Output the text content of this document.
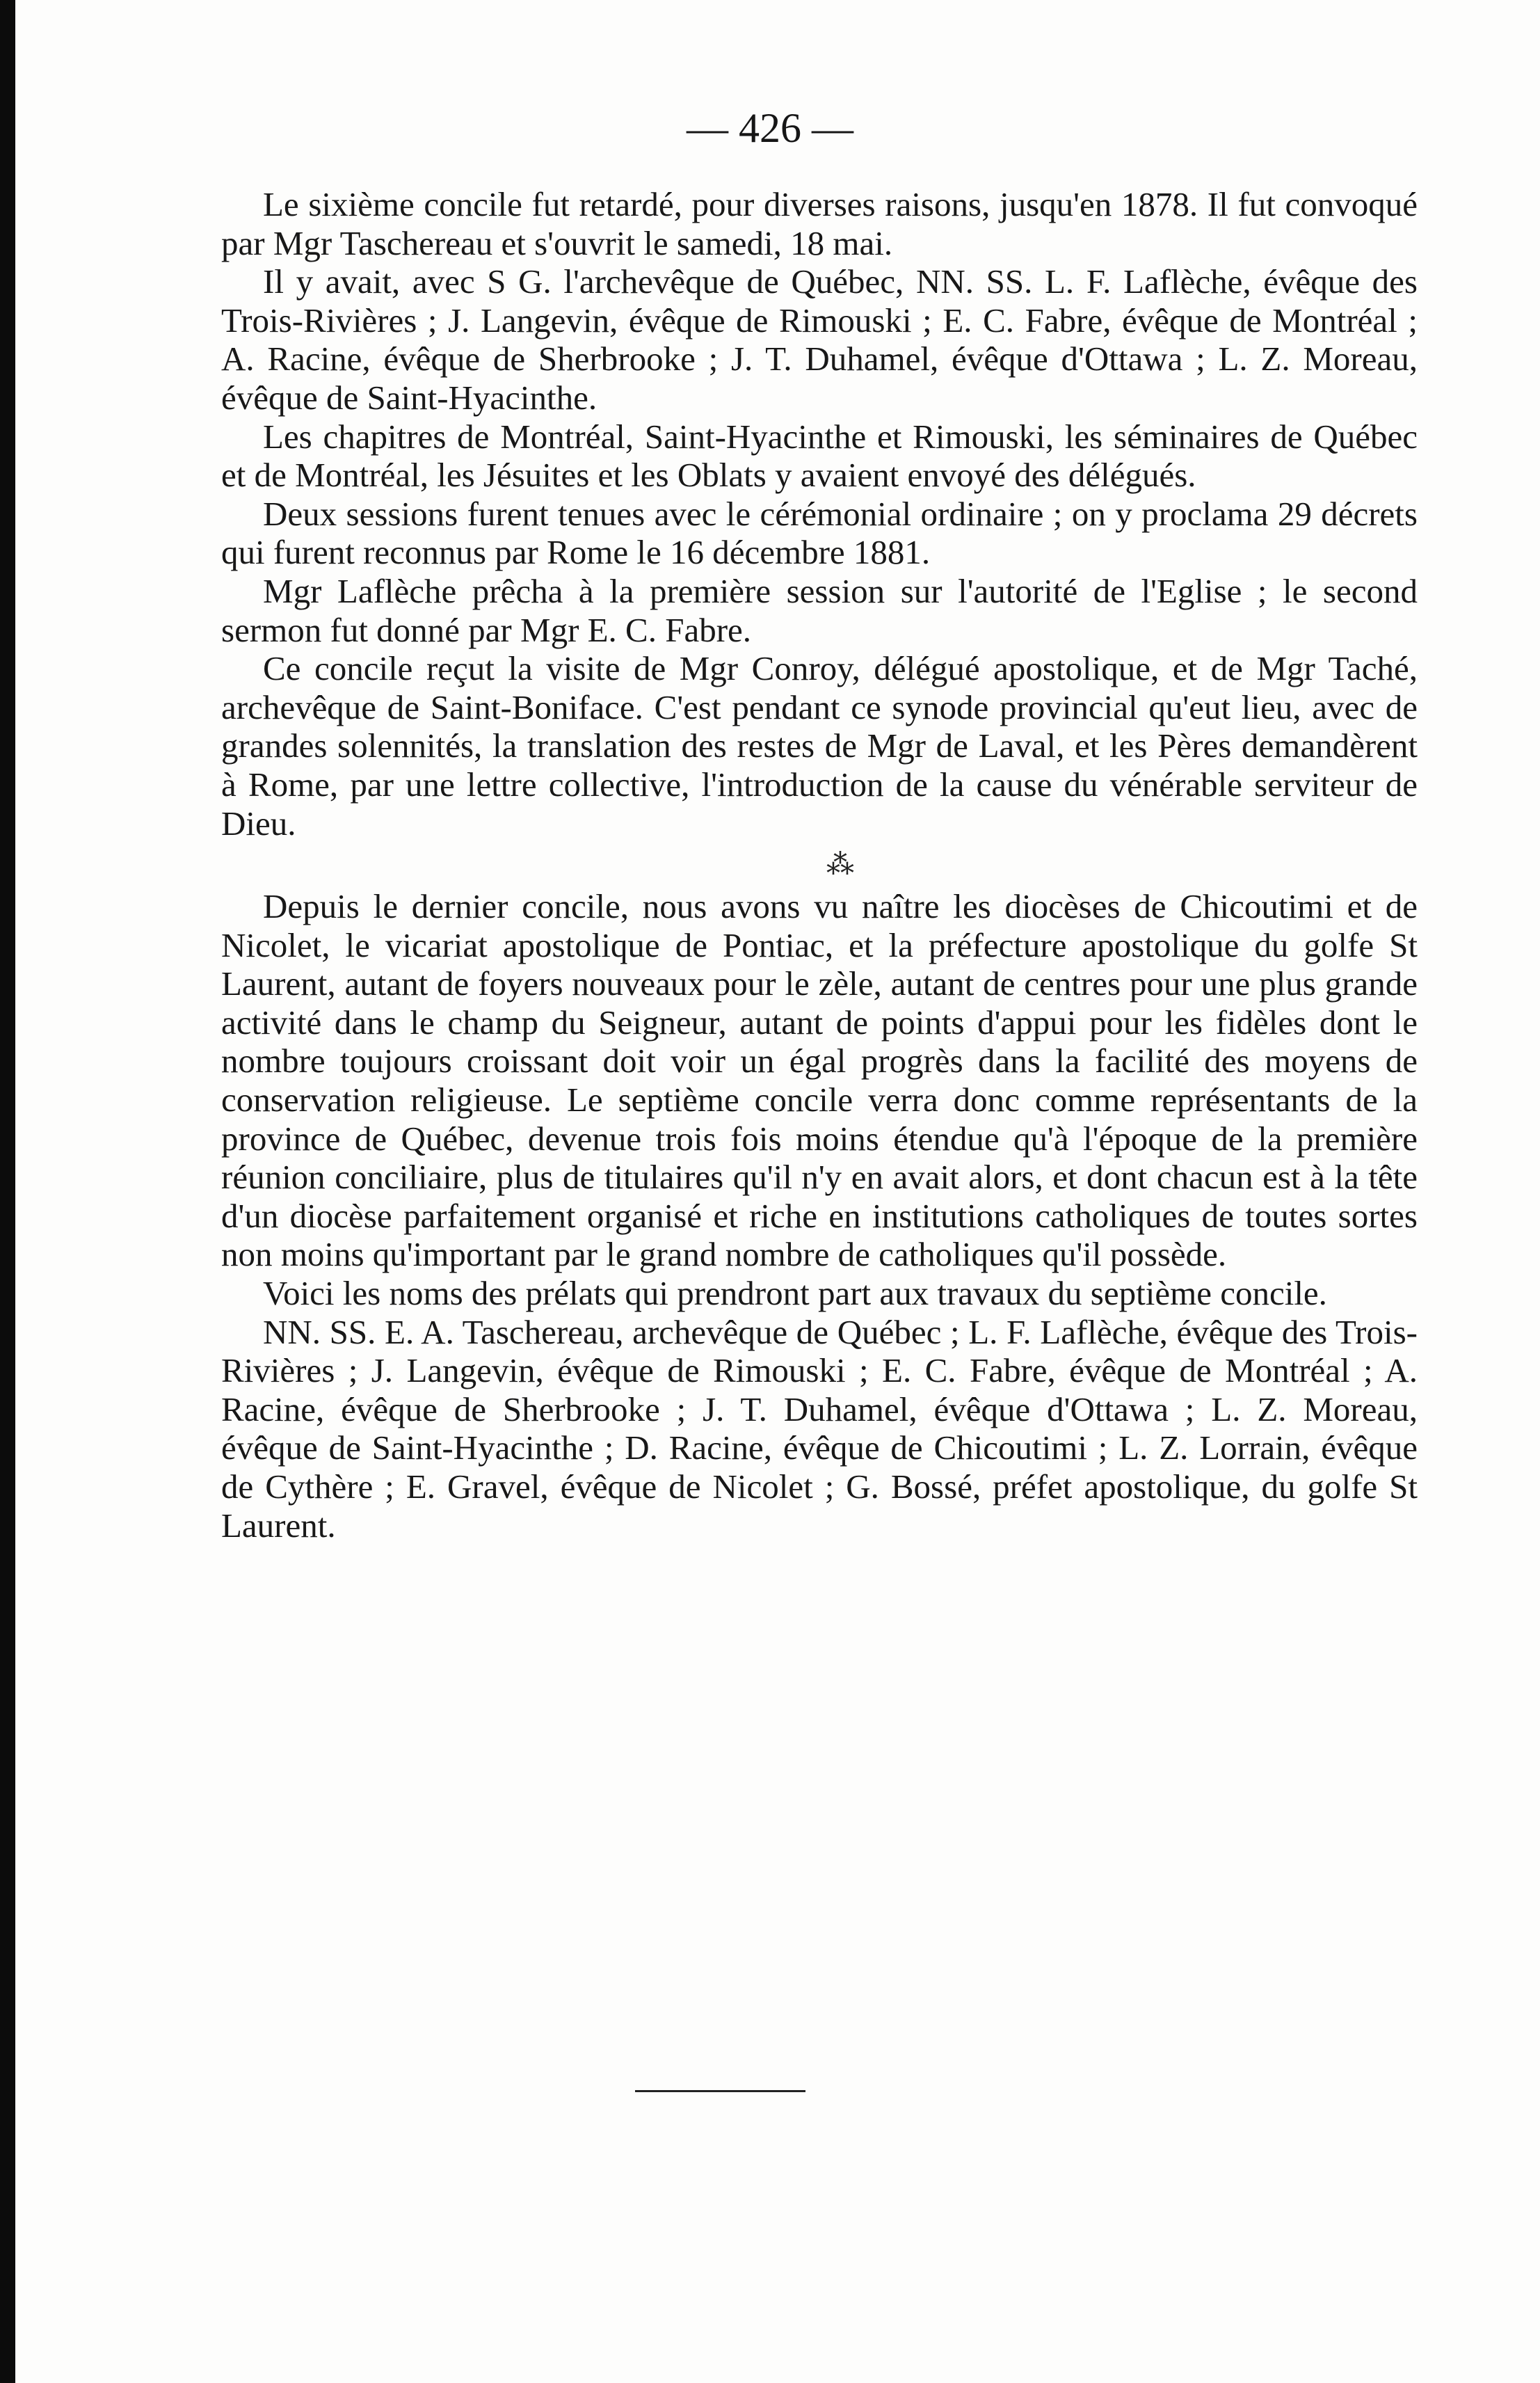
— 426 —

Le sixième concile fut retardé, pour diverses raisons, jusqu'en 1878. Il fut convoqué par Mgr Taschereau et s'ouvrit le samedi, 18 mai.

Il y avait, avec S G. l'archevêque de Québec, NN. SS. L. F. Laflèche, évêque des Trois-Rivières ; J. Langevin, évêque de Rimouski ; E. C. Fabre, évêque de Montréal ; A. Racine, évêque de Sherbrooke ; J. T. Duhamel, évêque d'Ottawa ; L. Z. Moreau, évêque de Saint-Hyacinthe.

Les chapitres de Montréal, Saint-Hyacinthe et Rimouski, les séminaires de Québec et de Montréal, les Jésuites et les Oblats y avaient envoyé des délégués.

Deux sessions furent tenues avec le cérémonial ordinaire ; on y proclama 29 décrets qui furent reconnus par Rome le 16 décembre 1881.

Mgr Laflèche prêcha à la première session sur l'autorité de l'Eglise ; le second sermon fut donné par Mgr E. C. Fabre.

Ce concile reçut la visite de Mgr Conroy, délégué apostolique, et de Mgr Taché, archevêque de Saint-Boniface. C'est pendant ce synode provincial qu'eut lieu, avec de grandes solennités, la translation des restes de Mgr de Laval, et les Pères demandèrent à Rome, par une lettre collective, l'introduction de la cause du vénérable serviteur de Dieu.

⁂

Depuis le dernier concile, nous avons vu naître les diocèses de Chicoutimi et de Nicolet, le vicariat apostolique de Pontiac, et la préfecture apostolique du golfe St Laurent, autant de foyers nouveaux pour le zèle, autant de centres pour une plus grande activité dans le champ du Seigneur, autant de points d'appui pour les fidèles dont le nombre toujours croissant doit voir un égal progrès dans la facilité des moyens de conservation religieuse. Le septième concile verra donc comme représentants de la province de Québec, devenue trois fois moins étendue qu'à l'époque de la première réunion conciliaire, plus de titulaires qu'il n'y en avait alors, et dont chacun est à la tête d'un diocèse parfaitement organisé et riche en institutions catholiques de toutes sortes non moins qu'important par le grand nombre de catholiques qu'il possède.

Voici les noms des prélats qui prendront part aux travaux du septième concile.

NN. SS. E. A. Taschereau, archevêque de Québec ; L. F. Laflèche, évêque des Trois-Rivières ; J. Langevin, évêque de Rimouski ; E. C. Fabre, évêque de Montréal ; A. Racine, évêque de Sherbrooke ; J. T. Duhamel, évêque d'Ottawa ; L. Z. Moreau, évêque de Saint-Hyacinthe ; D. Racine, évêque de Chicoutimi ; L. Z. Lorrain, évêque de Cythère ; E. Gravel, évêque de Nicolet ; G. Bossé, préfet apostolique, du golfe St Laurent.
